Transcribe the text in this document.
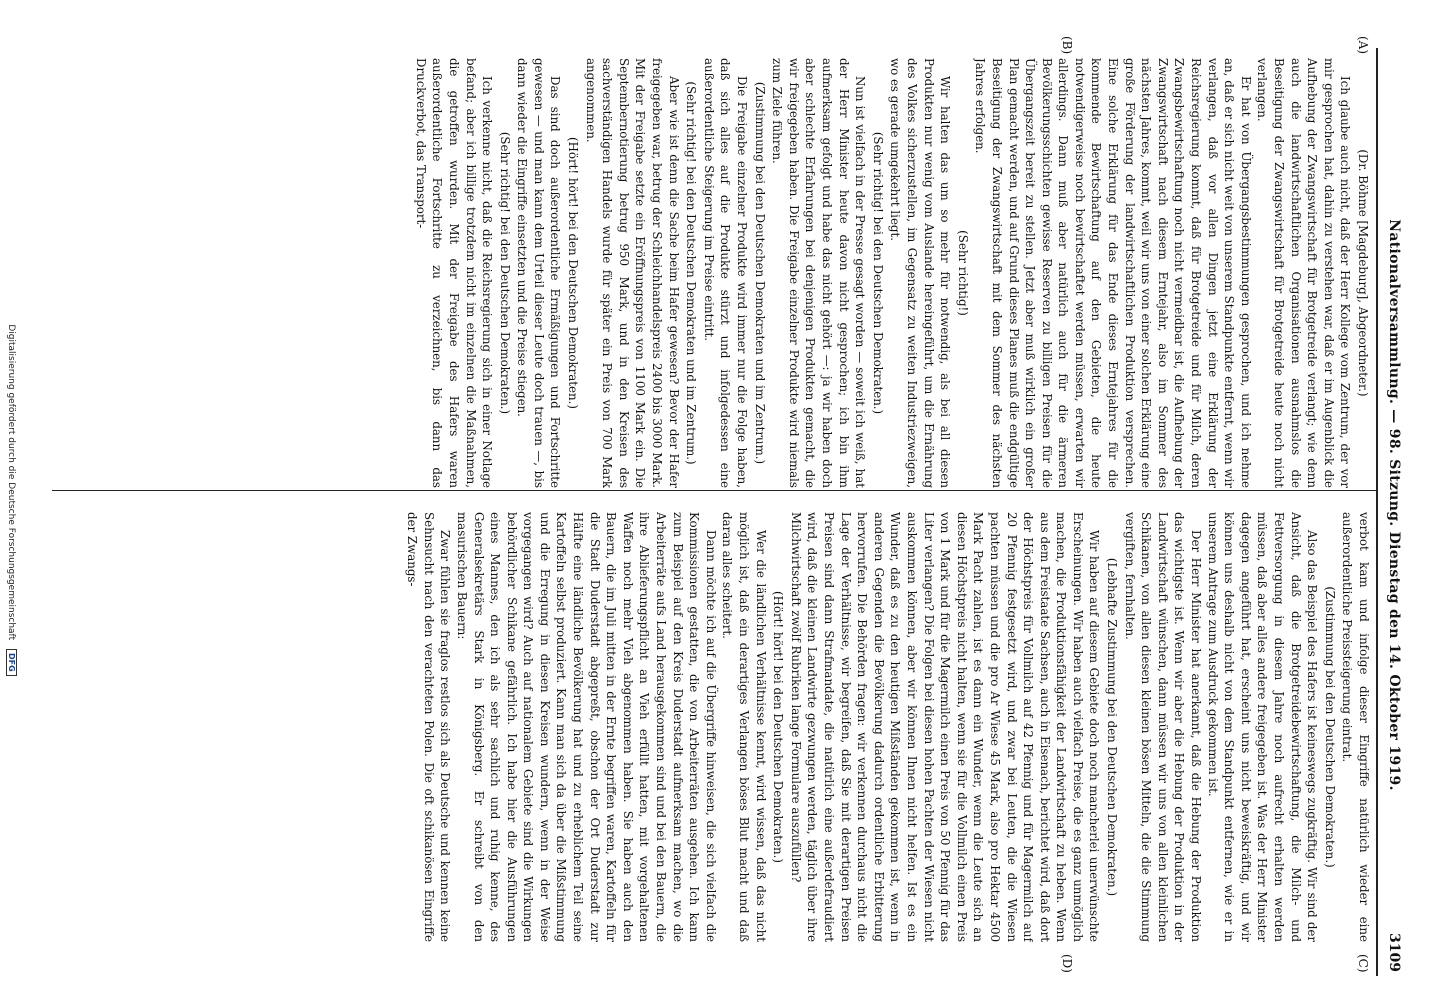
Nationalversammlung. — 98. Sitzung. Dienstag den 14. Oktober 1919.
3109
(A)
(B)
(C)
(D)

(Dr. Böhme [Magdeburg], Abgeordneter.)

Ich glaube auch nicht, daß der Herr Kollege vom Zentrum, der vor mir gesprochen hat, dahin zu verstehen war, daß er im Augenblick die Aufhebung der Zwangswirtschaft für Brotgetreide verlangt; wie denn auch die landwirtschaftlichen Organisationen ausnahmslos die Beseitigung der Zwangswirtschaft für Brotgetreide heute noch nicht verlangen.

Er hat von Übergangsbestimmungen gesprochen, und ich nehme an, daß er sich nicht weit von unserem Standpunkte entfernt, wenn wir verlangen, daß vor allen Dingen jetzt eine Erklärung der Reichsregierung kommt, daß für Brotgetreide und für Milch, deren Zwangsbewirtschaftung noch nicht vermeidbar ist, die Aufhebung der Zwangswirtschaft nach diesem Erntejahr, also im Sommer des nächsten Jahres, kommt, weil wir uns von einer solchen Erklärung eine große Förderung der landwirtschaftlichen Produktion versprechen. Eine solche Erklärung für das Ende dieses Erntejahres für die kommende Bewirtschaftung auf den Gebieten, die heute notwendigerweise noch bewirtschaftet werden müssen, erwarten wir allerdings. Dann muß aber natürlich auch für die ärmeren Bevölkerungsschichten gewisse Reserven zu billigen Preisen für die Übergangszeit bereit zu stellen. Jetzt aber muß wirklich ein großer Plan gemacht werden, und auf Grund dieses Planes muß die endgültige Beseitigung der Zwangswirtschaft mit dem Sommer des nächsten Jahres erfolgen.

(Sehr richtig!)

Wir halten das um so mehr für notwendig, als bei all diesen Produkten nur wenig vom Auslande hereingeführt, um die Ernährung des Volkes sicherzustellen, im Gegensatz zu weiten Industriezweigen, wo es gerade umgekehrt liegt.

(Sehr richtig! bei den Deutschen Demokraten.)

Nun ist vielfach in der Presse gesagt worden — soweit ich weiß, hat der Herr Minister heute davon nicht gesprochen; ich bin ihm aufmerksam gefolgt und habe das nicht gehört —: ja wir haben doch aber schlechte Erfahrungen bei denjenigen Produkten gemacht, die wir freigegeben haben. Die Freigabe einzelner Produkte wird niemals zum Ziele führen.

(Zustimmung bei den Deutschen Demokraten und im Zentrum.)

Die Freigabe einzelner Produkte wird immer nur die Folge haben, daß sich alles auf die Produkte stürzt und infolgedessen eine außerordentliche Steigerung im Preise eintritt.

(Sehr richtig! bei den Deutschen Demokraten und im Zentrum.)

Aber wie ist denn die Sache beim Hafer gewesen? Bevor der Hafer freigegeben war, betrug der Schleichhandelspreis 2400 bis 3000 Mark. Mit der Freigabe setzte ein Eröffnungspreis von 1100 Mark ein. Die Septembernotierung betrug 950 Mark, und in den Kreisen des sachverständigen Handels wurde für später ein Preis von 700 Mark angenommen.

(Hört! hört! bei den Deutschen Demokraten.)

Das sind doch außerordentliche Ermäßigungen und Fortschritte gewesen — und man kann dem Urteil dieser Leute doch trauen —, bis dann wieder die Eingriffe einsetzten und die Preise stiegen.

(Sehr richtig! bei den Deutschen Demokraten.)

Ich verkenne nicht, daß die Reichsregierung sich in einer Notlage befand; aber ich billige trotzdem nicht im einzelnen die Maßnahmen, die getroffen wurden. Mit der Freigabe des Hafers waren außerordentliche Fortschritte zu verzeichnen, bis dann das Druckverbot, das Transport-

verbot kam und infolge dieser Eingriffe natürlich wieder eine außerordentliche Preissteigerung eintrat.

(Zustimmung bei den Deutschen Demokraten.)

Also das Beispiel des Hafers ist keineswegs zugkräftig. Wir sind der Ansicht, daß die Brotgetreidebewirtschaftung, die Milch- und Fettversorgung in diesem Jahre noch aufrecht erhalten werden müssen, daß aber alles andere freigegeben ist. Was der Herr Minister dagegen angeführt hat, erscheint uns nicht beweiskräftig, und wir können uns deshalb nicht von dem Standpunkt entfernen, wie er in unserem Antrage zum Ausdruck gekommen ist.

Der Herr Minister hat anerkannt, daß die Hebung der Produktion das wichtigste ist. Wenn wir aber die Hebung der Produktion in der Landwirtschaft wünschen, dann müssen wir uns von allen kleinlichen Schikanen, von allen diesen kleinen bösen Mitteln, die die Stimmung vergiften, fernhalten.

(Lebhafte Zustimmung bei den Deutschen Demokraten.)

Wir haben auf diesem Gebiete doch noch mancherlei unerwünschte Erscheinungen. Wir haben auch vielfach Preise, die es ganz unmöglich machen, die Produktionsfähigkeit der Landwirtschaft zu heben. Wenn aus dem Freistaate Sachsen, auch in Eisenach, berichtet wird, daß dort der Höchstpreis für Vollmilch auf 42 Pfennig und für Magermilch auf 20 Pfennig festgesetzt wird, und zwar bei Leuten, die die Wiesen pachten müssen und die pro Ar Wiese 45 Mark, also pro Hektar 4500 Mark Pacht zahlen, ist es dann ein Wunder, wenn die Leute sich an diesen Höchstpreis nicht halten, wenn sie für die Vollmilch einen Preis von 1 Mark und für die Magermilch einen Preis von 50 Pfennig für das Liter verlangen? Die Folgen bei diesen hohen Pachten der Wiesen nicht auskommen können, aber wir können Ihnen nicht helfen. Ist es ein Wunder, daß es zu den heutigen Mißständen gekommen ist, wenn in anderen Gegenden die Bevölkerung dadurch ordentliche Erbitterung hervorrufen. Die Behörden fragen: wir verkennen durchaus nicht die Lage der Verhältnisse, wir begreifen, daß Sie mit derartigen Preisen Preisen sind dann Strafmandate, die natürlich eine außerdefraudiert wird, daß die kleinen Landwirte gezwungen werden, täglich über ihre Milchwirtschaft zwölf Rubriken lange Formulare auszufüllen?

(Hört! hört! bei den Deutschen Demokraten.)

Wer die ländlichen Verhältnisse kennt, wird wissen, daß das nicht möglich ist, daß ein derartiges Verlangen böses Blut macht und daß daran alles scheitert.

Dann möchte ich auf die Übergriffe hinweisen, die sich vielfach die Kommissionen gestatten, die von Arbeiterräten ausgehen. Ich kann zum Beispiel auf den Kreis Duderstadt aufmerksam machen, wo die Arbeiterräte aufs Land herausgekommen sind und bei den Bauern, die ihre Ablieferungspflicht an Vieh erfüllt hatten, mit vorgehaltenen Waffen noch mehr Vieh abgenommen haben. Sie haben auch den Bauern, die im Juli mitten in der Ernte begriffen waren, Kartoffeln für die Stadt Duderstadt abgepreßt, obschon der Ort Duderstadt zur Hälfte eine ländliche Bevölkerung hat und zu erheblichem Teil seine Kartoffeln selbst produziert. Kann man sich da über die Mißstimmung und die Erregung in diesen Kreisen wundern, wenn in der Weise vorgegangen wird? Auch auf nationalem Gebiete sind die Wirkungen behördlicher Schikane gefährlich. Ich habe hier die Ausführungen eines Mannes, den ich als sehr sachlich und ruhig kenne, des Generalsekretärs Stark in Königsberg. Er schreibt von den masurischen Bauern:

Zwar fühlen sie fraglos restlos sich als Deutsche und kennen keine Sehnsucht nach den verachteten Polen. Die oft schikanösen Eingriffe der Zwangs-

Digitalisierung gefördert durch die Deutsche Forschungsgemeinschaft DFG
